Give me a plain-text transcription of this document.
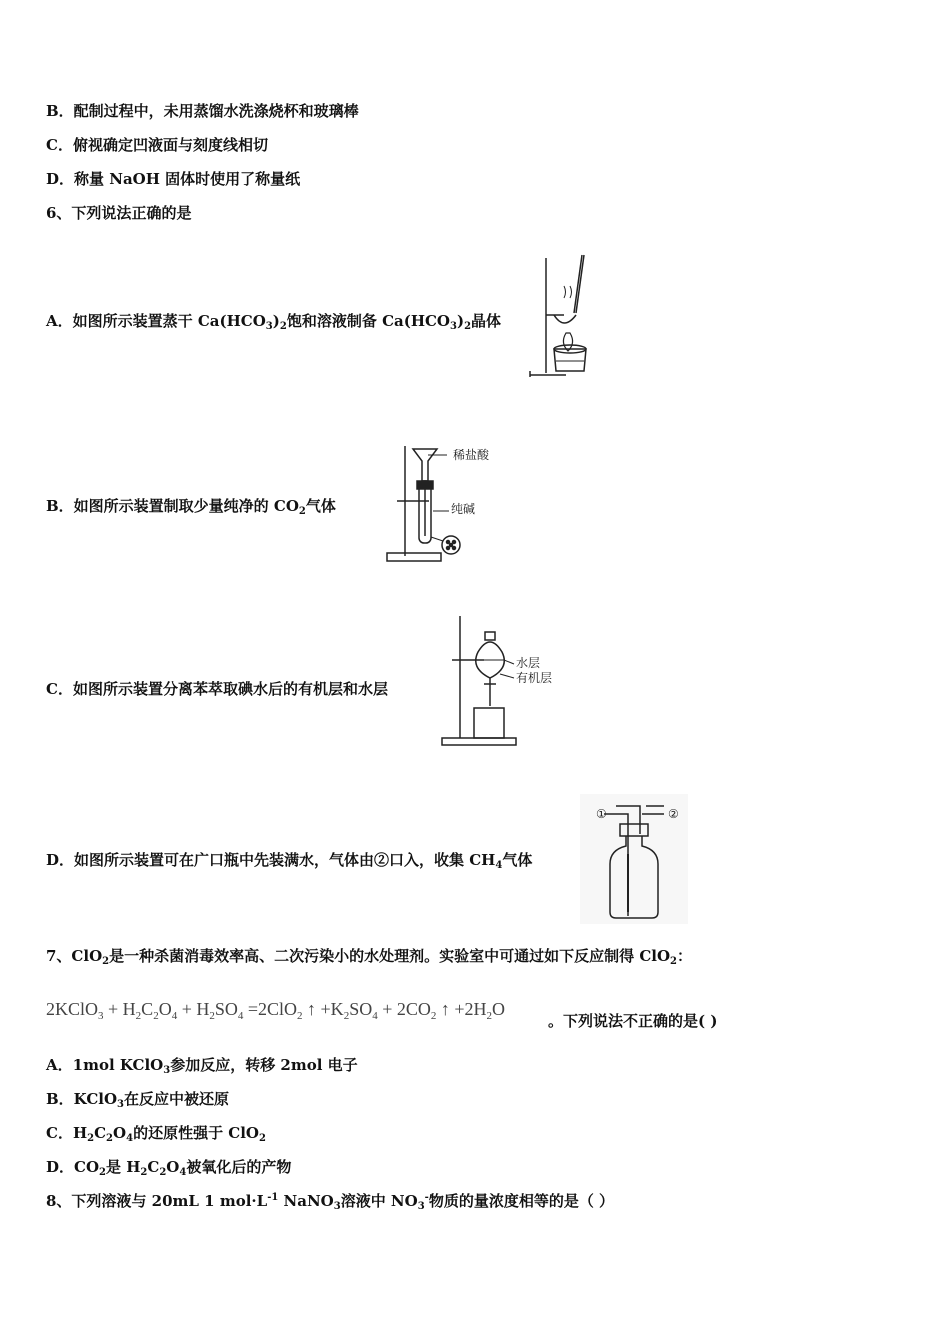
B．配制过程中，未用蒸馏水洗涤烧杯和玻璃棒
C．俯视确定凹液面与刻度线相切
D．称量 NaOH 固体时使用了称量纸
6、下列说法正确的是
A．如图所示装置蒸干 $Ca(HCO_3)_2$饱和溶液制备 $Ca(HCO_3)_2$晶体
B．如图所示装置制取少量纯净的 $CO_2$气体
稀盐酸
纯碱
C．如图所示装置分离苯萃取碘水后的有机层和水层
水层
有机层
D．如图所示装置可在广口瓶中先装满水，气体由②口入，收集 $CH_4$气体
①	②
7、ClO$_2$是一种杀菌消毒效率高、二次污染小的水处理剂。实验室中可通过如下反应制得 ClO$_2$：
2KClO$_3$ + $H_2C_2O_4 + H_2SO_4 =2ClO_2$ ↑ $+K_2SO_4 + 2CO_2$ ↑ $+2H_2O$
。下列说法不正确的是( )
A．1mol KClO$_3$参加反应，转移 2mol 电子
B．KClO$_3$在反应中被还原
C．$H_2C_2O_4$的还原性强于 ClO$_2$
D．$CO_2$是 $H_2C_2O_4$被氧化后的产物
8、下列溶液与 20mL 1 $mol\cdot L^{-1}$ NaNO$_3$溶液中 $NO_3^-$物质的量浓度相等的是（ ）
